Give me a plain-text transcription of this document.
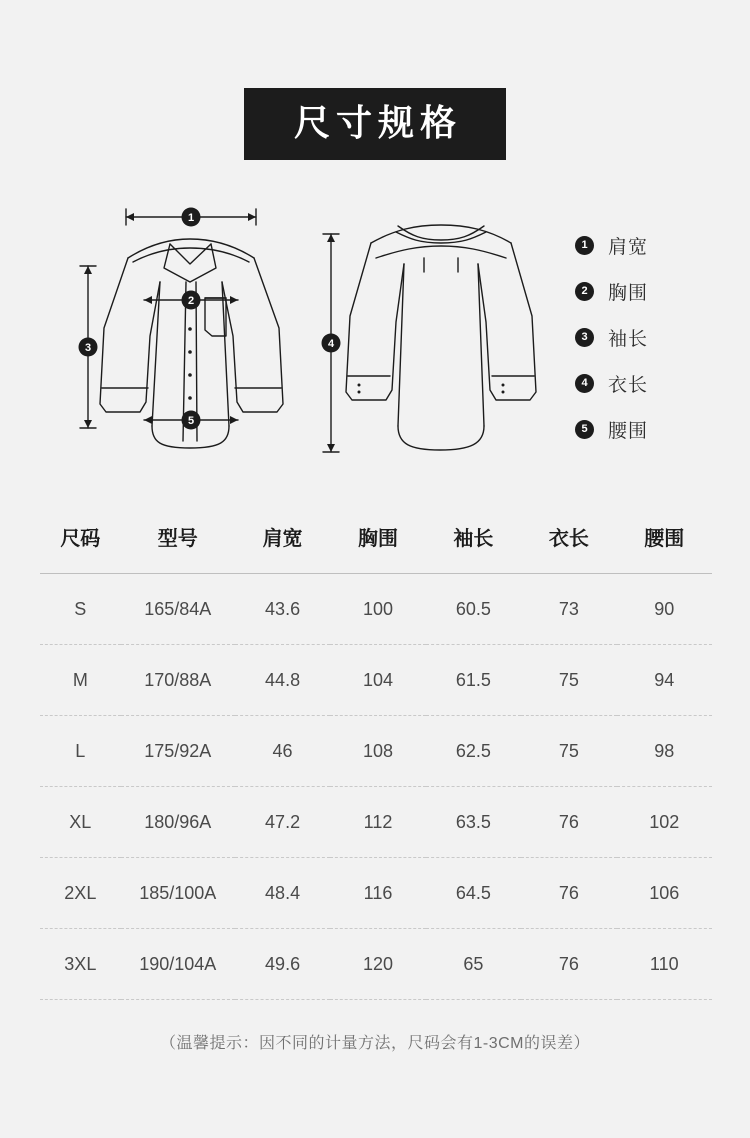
尺寸规格
1
2
3
5
4
1	肩宽
2	胸围
3	袖长
4	衣长
5	腰围
尺码	型号	肩宽	胸围	袖长	衣长	腰围
S	165/84A	43.6	100	60.5	73	90
M	170/88A	44.8	104	61.5	75	94
L	175/92A	46	108	62.5	75	98
XL	180/96A	47.2	112	63.5	76	102
2XL	185/100A	48.4	116	64.5	76	106
3XL	190/104A	49.6	120	65	76	110
（温馨提示：因不同的计量方法，尺码会有1-3CM的误差）
